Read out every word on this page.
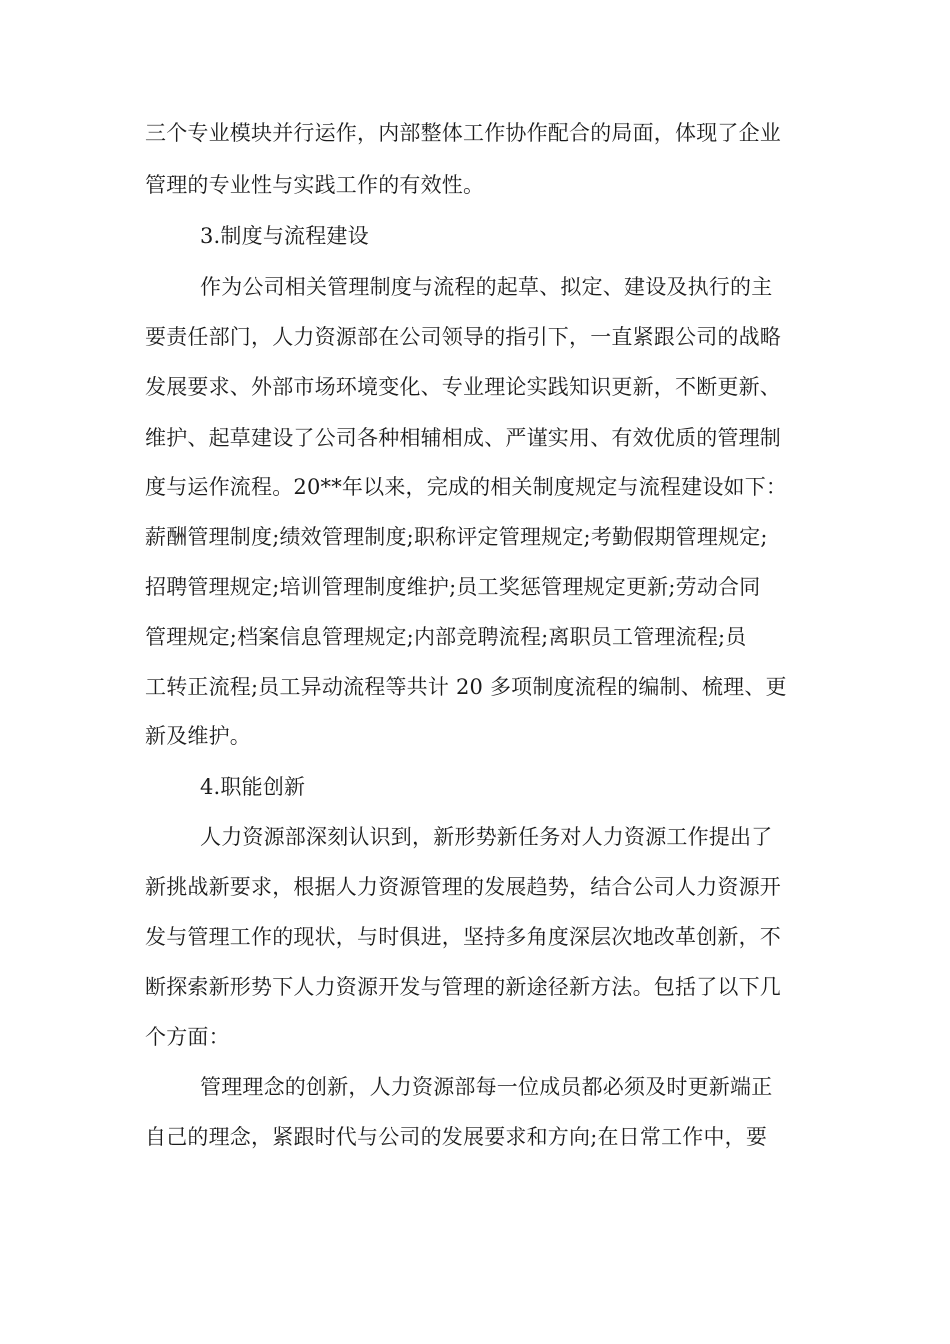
三个专业模块并行运作，内部整体工作协作配合的局面，体现了企业
管理的专业性与实践工作的有效性。
3.制度与流程建设
作为公司相关管理制度与流程的起草、拟定、建设及执行的主
要责任部门，人力资源部在公司领导的指引下，一直紧跟公司的战略
发展要求、外部市场环境变化、专业理论实践知识更新，不断更新、
维护、起草建设了公司各种相辅相成、严谨实用、有效优质的管理制
度与运作流程。20**年以来，完成的相关制度规定与流程建设如下：
薪酬管理制度;绩效管理制度;职称评定管理规定;考勤假期管理规定;
招聘管理规定;培训管理制度维护;员工奖惩管理规定更新;劳动合同
管理规定;档案信息管理规定;内部竞聘流程;离职员工管理流程;员
工转正流程;员工异动流程等共计 20 多项制度流程的编制、梳理、更
新及维护。
4.职能创新
人力资源部深刻认识到，新形势新任务对人力资源工作提出了
新挑战新要求，根据人力资源管理的发展趋势，结合公司人力资源开
发与管理工作的现状，与时俱进，坚持多角度深层次地改革创新，不
断探索新形势下人力资源开发与管理的新途径新方法。包括了以下几
个方面：
管理理念的创新，人力资源部每一位成员都必须及时更新端正
自己的理念，紧跟时代与公司的发展要求和方向;在日常工作中，要
